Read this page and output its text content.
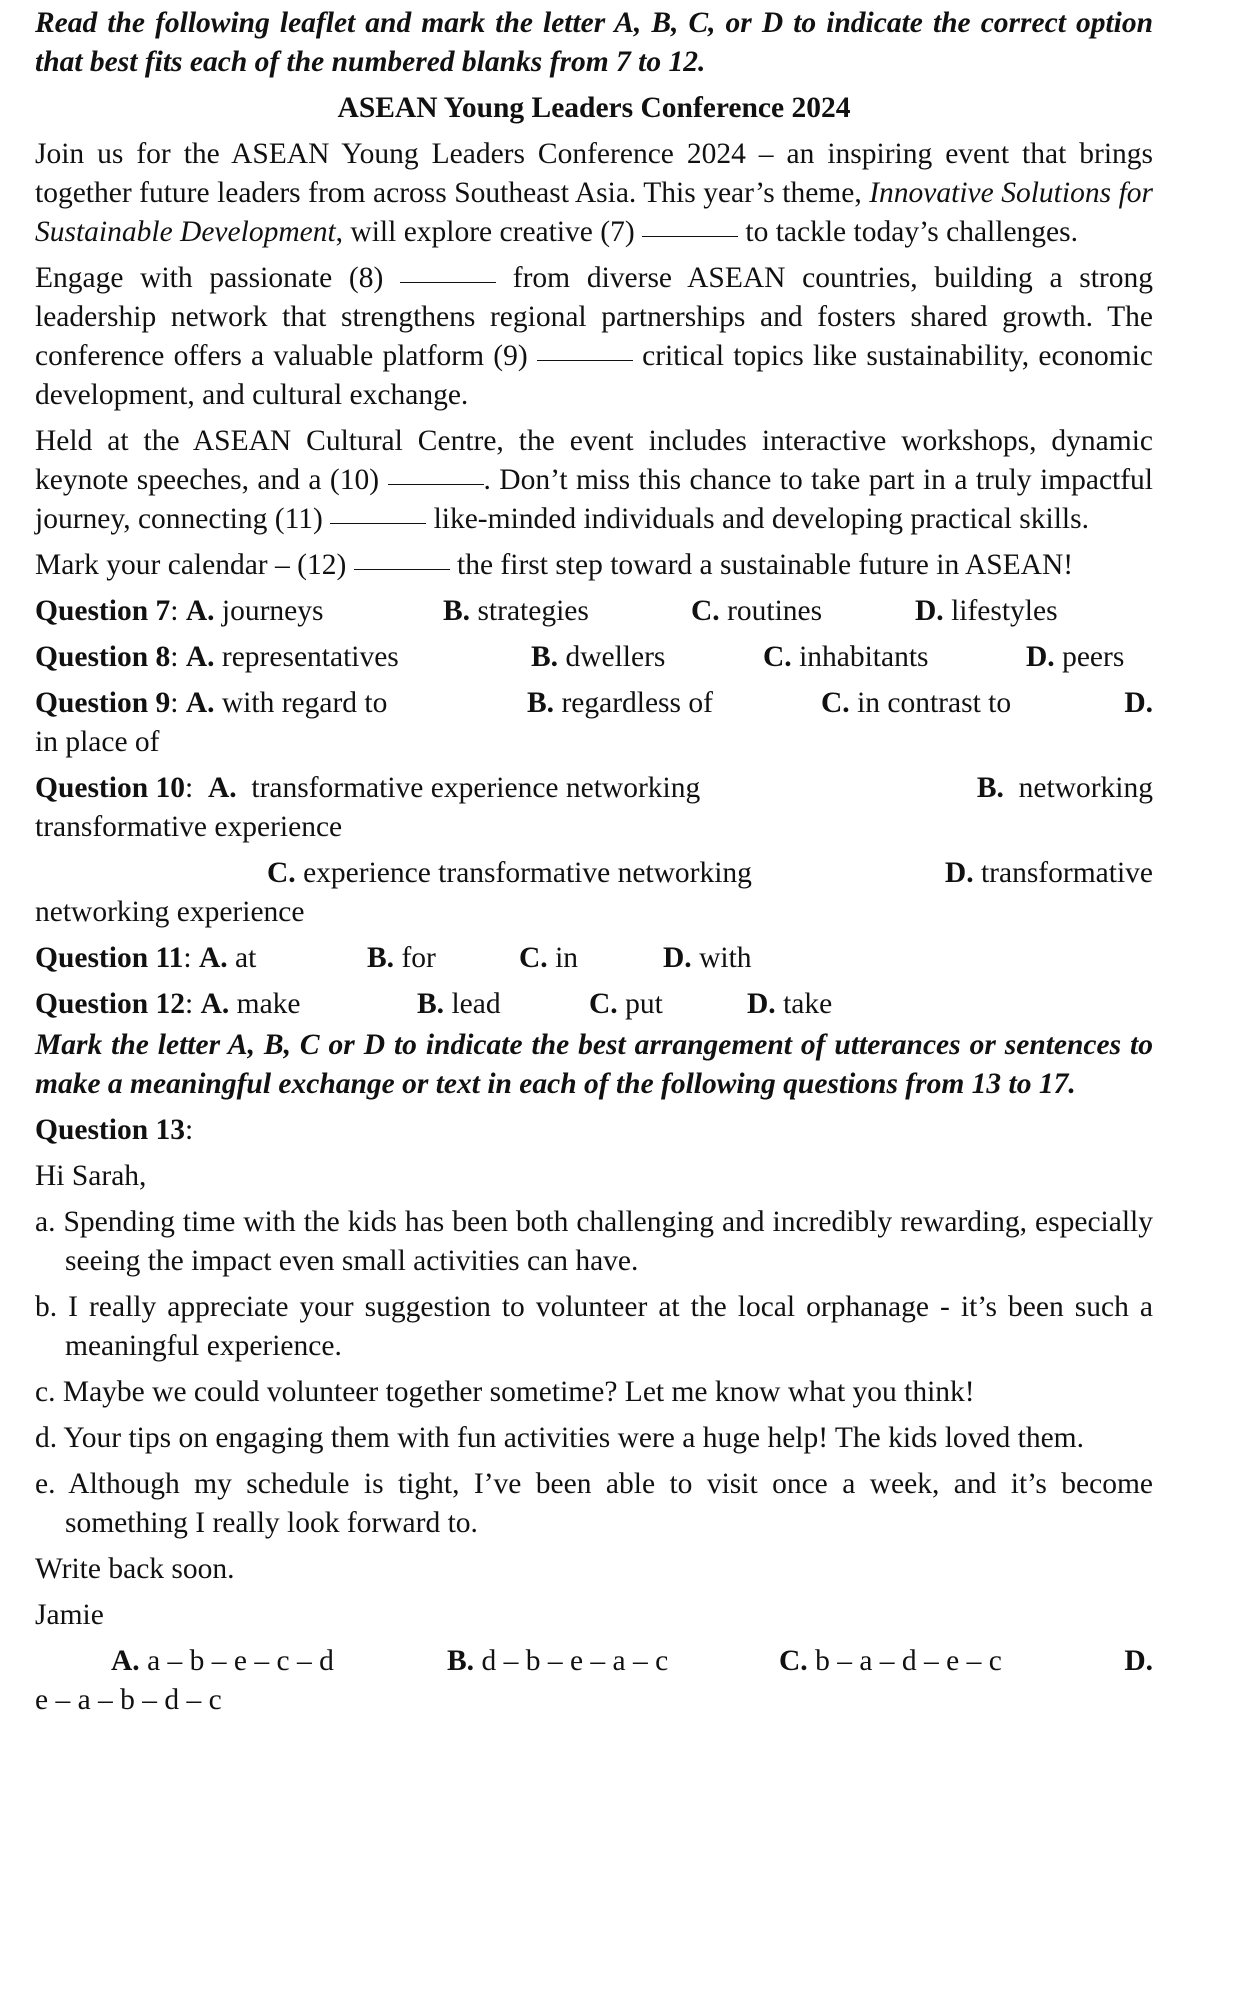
Read the following leaflet and mark the letter A, B, C, or D to indicate the correct option that best fits each of the numbered blanks from 7 to 12.

ASEAN Young Leaders Conference 2024

Join us for the ASEAN Young Leaders Conference 2024 – an inspiring event that brings together future leaders from across Southeast Asia. This year’s theme, Innovative Solutions for Sustainable Development, will explore creative (7)	to tackle today’s challenges.

Engage with passionate (8)	from diverse ASEAN countries, building a strong leadership network that strengthens regional partnerships and fosters shared growth. The conference offers a valuable platform (9)	critical topics like sustainability, economic development, and cultural exchange.

Held at the ASEAN Cultural Centre, the event includes interactive workshops, dynamic keynote speeches, and a (10)	. Don’t miss this chance to take part in a truly impactful journey, connecting (11)	like-minded individuals and developing practical skills.

Mark your calendar – (12)	the first step toward a sustainable future in ASEAN!

Question 7: A. journeys	B. strategies	C. routines	D. lifestyles
Question 8: A. representatives	B. dwellers	C. inhabitants	D. peers
Question 9: A. with regard to	B. regardless of	C. in contrast to	D.
in place of
Question 10:  A. transformative experience networking	B.  networking
transformative experience
C. experience transformative networking	D. transformative
networking experience
Question 11: A. at	B. for	C. in	D. with
Question 12: A. make	B. lead	C. put	D. take

Mark the letter A, B, C or D to indicate the best arrangement of utterances or sentences to make a meaningful exchange or text in each of the following questions from 13 to 17.

Question 13:

Hi Sarah,

a. Spending time with the kids has been both challenging and incredibly rewarding, especially seeing the impact even small activities can have.

b. I really appreciate your suggestion to volunteer at the local orphanage - it’s been such a meaningful experience.

c. Maybe we could volunteer together sometime? Let me know what you think!

d. Your tips on engaging them with fun activities were a huge help! The kids loved them.

e. Although my schedule is tight, I’ve been able to visit once a week, and it’s become something I really look forward to.

Write back soon.

Jamie

A. a – b – e – c – d	B. d – b – e – a – c	C. b – a – d – e – c	D.
e – a – b – d – c
